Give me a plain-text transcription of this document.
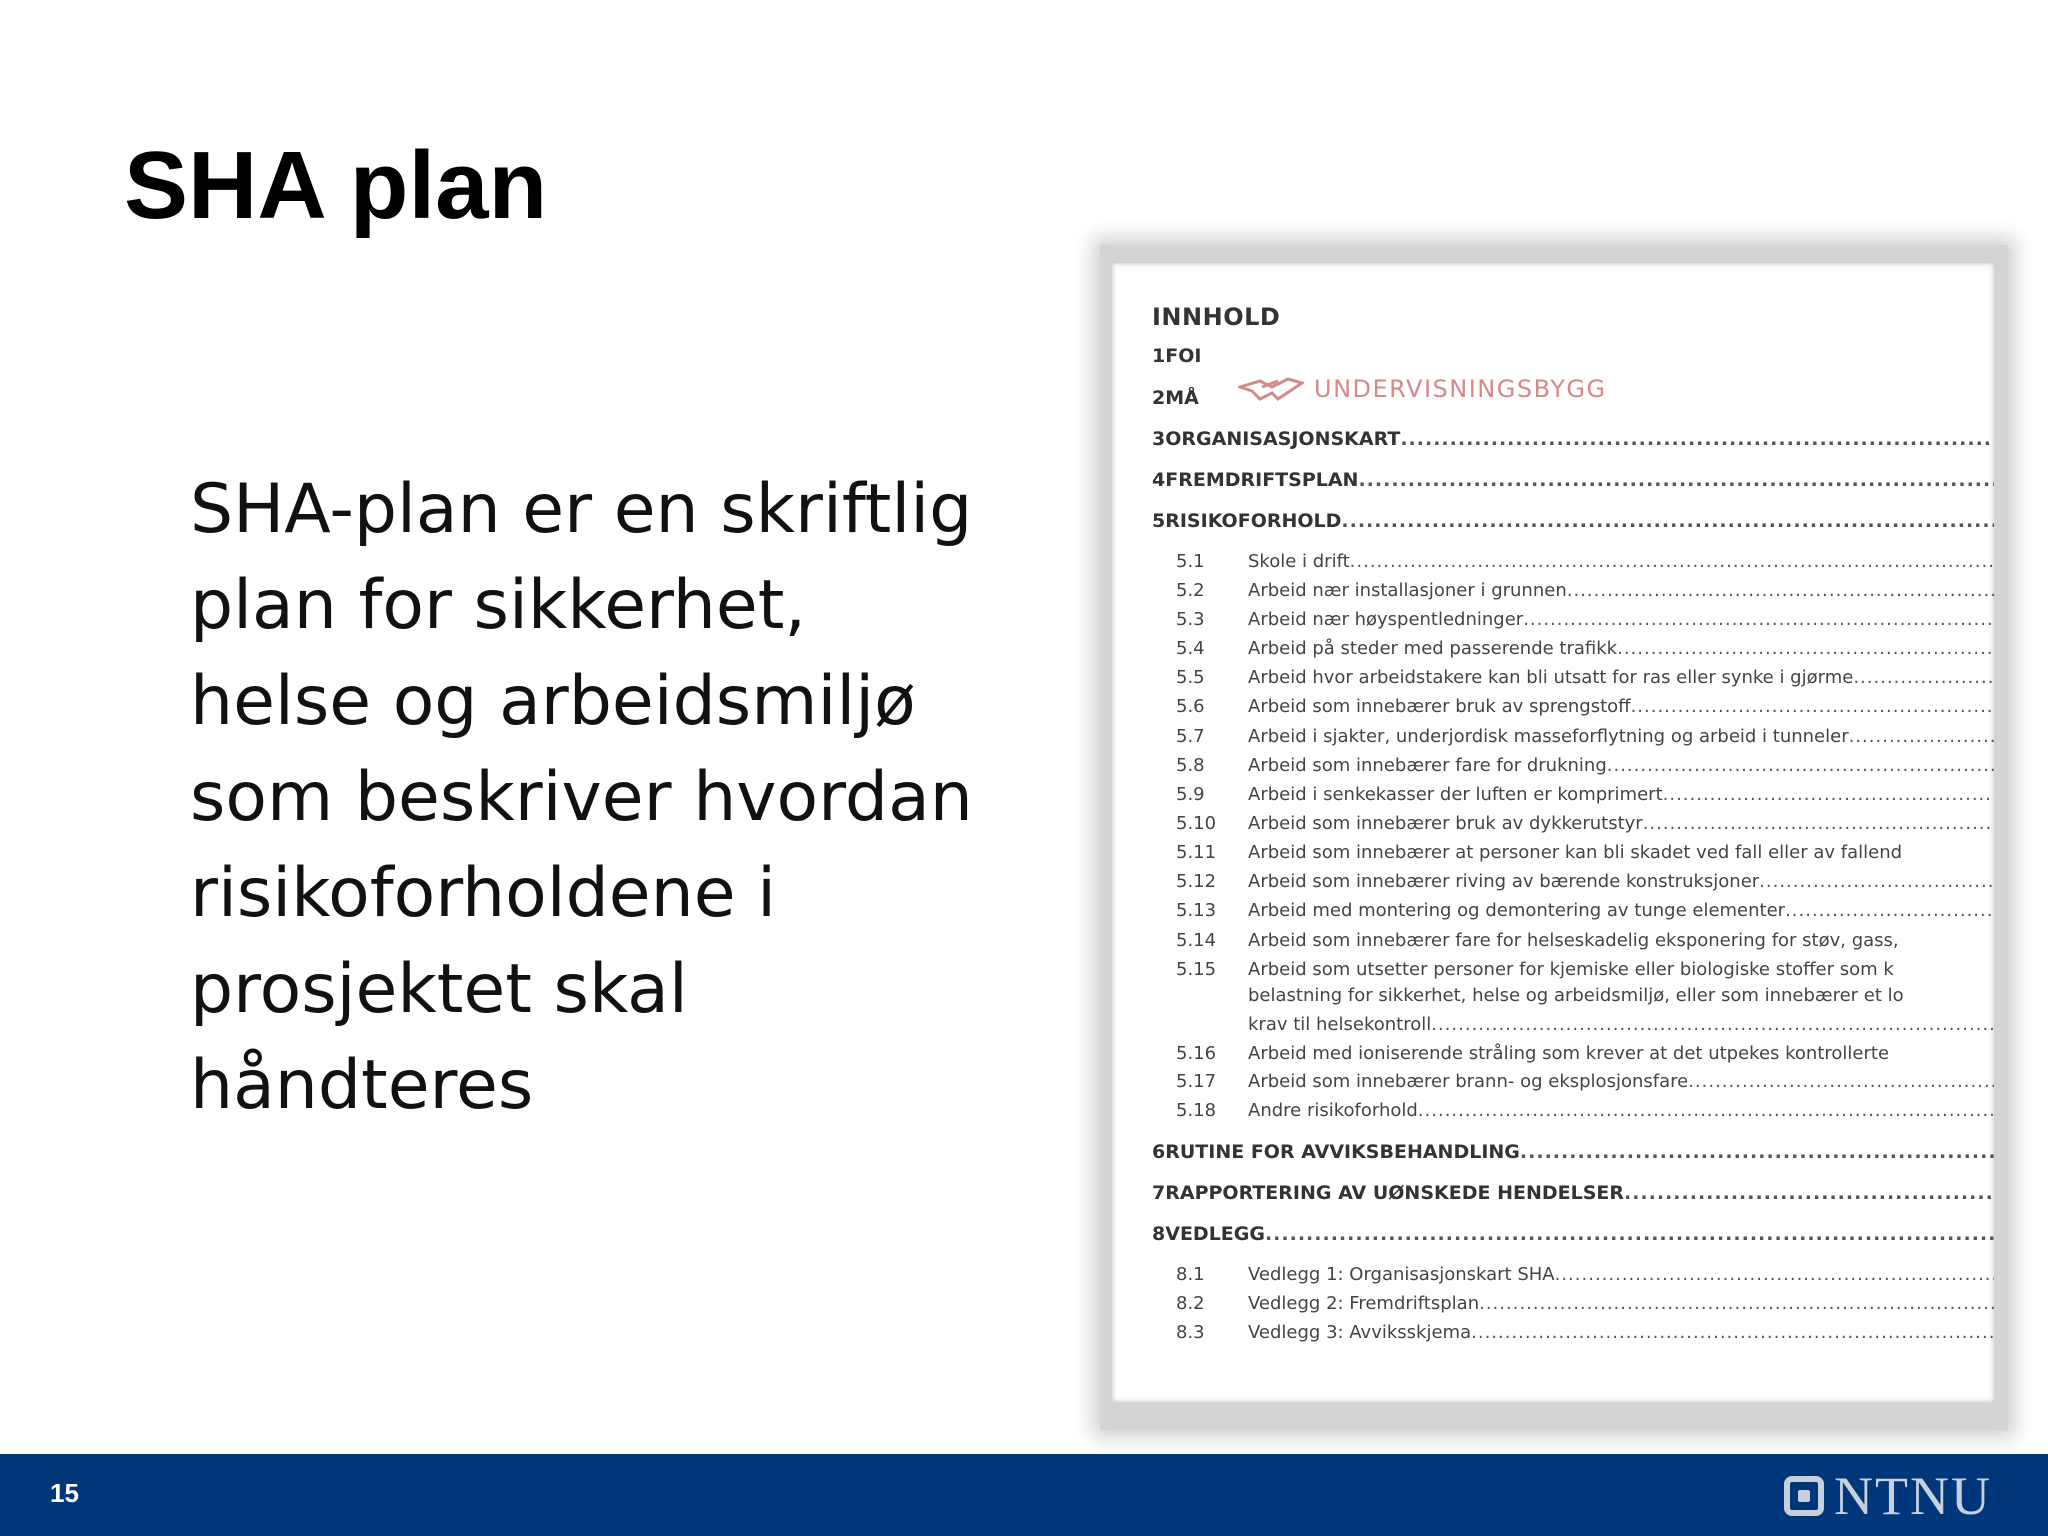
SHA plan
SHA-plan er en skriftlig
plan for sikkerhet,
helse og arbeidsmiljø
som beskriver hvordan
risikoforholdene i
prosjektet skal
håndteres
INNHOLD
UNDERVISNINGSBYGG
1FOI
2MÅ
3 ORGANISASJONSKART
.....
4 FREMDRIFTSPLAN
.....
5 RISIKOFORHOLD
.....
5.1	Skole i drift
.....
5.2	Arbeid nær installasjoner i grunnen
.....
5.3	Arbeid nær høyspentledninger
.....
5.4	Arbeid på steder med passerende trafikk
.....
5.5	Arbeid hvor arbeidstakere kan bli utsatt for ras eller synke i gjørme
.....
5.6	Arbeid som innebærer bruk av sprengstoff
.....
5.7	Arbeid i sjakter, underjordisk masseforflytning og arbeid i tunneler
.....
5.8	Arbeid som innebærer fare for drukning
.....
5.9	Arbeid i senkekasser der luften er komprimert
.....
5.10	Arbeid som innebærer bruk av dykkerutstyr
.....
5.11	Arbeid som innebærer at personer kan bli skadet ved fall eller av fallend
5.12	Arbeid som innebærer riving av bærende konstruksjoner
.....
5.13	Arbeid med montering og demontering av tunge elementer
.....
5.14	Arbeid som innebærer fare for helseskadelig eksponering for støv, gass,
5.15	Arbeid som utsetter personer for kjemiske eller biologiske stoffer som k
belastning for sikkerhet, helse og arbeidsmiljø, eller som innebærer et lo
krav til helsekontroll
.....
5.16	Arbeid med ioniserende stråling som krever at det utpekes kontrollerte
5.17	Arbeid som innebærer brann- og eksplosjonsfare
.....
5.18	Andre risikoforhold
.....
6 RUTINE FOR AVVIKSBEHANDLING
.....
7 RAPPORTERING AV UØNSKEDE HENDELSER
.....
8 VEDLEGG
.....
8.1	Vedlegg 1: Organisasjonskart SHA
.....
8.2	Vedlegg 2: Fremdriftsplan
.....
8.3	Vedlegg 3: Avviksskjema
.....
15	NTNU
